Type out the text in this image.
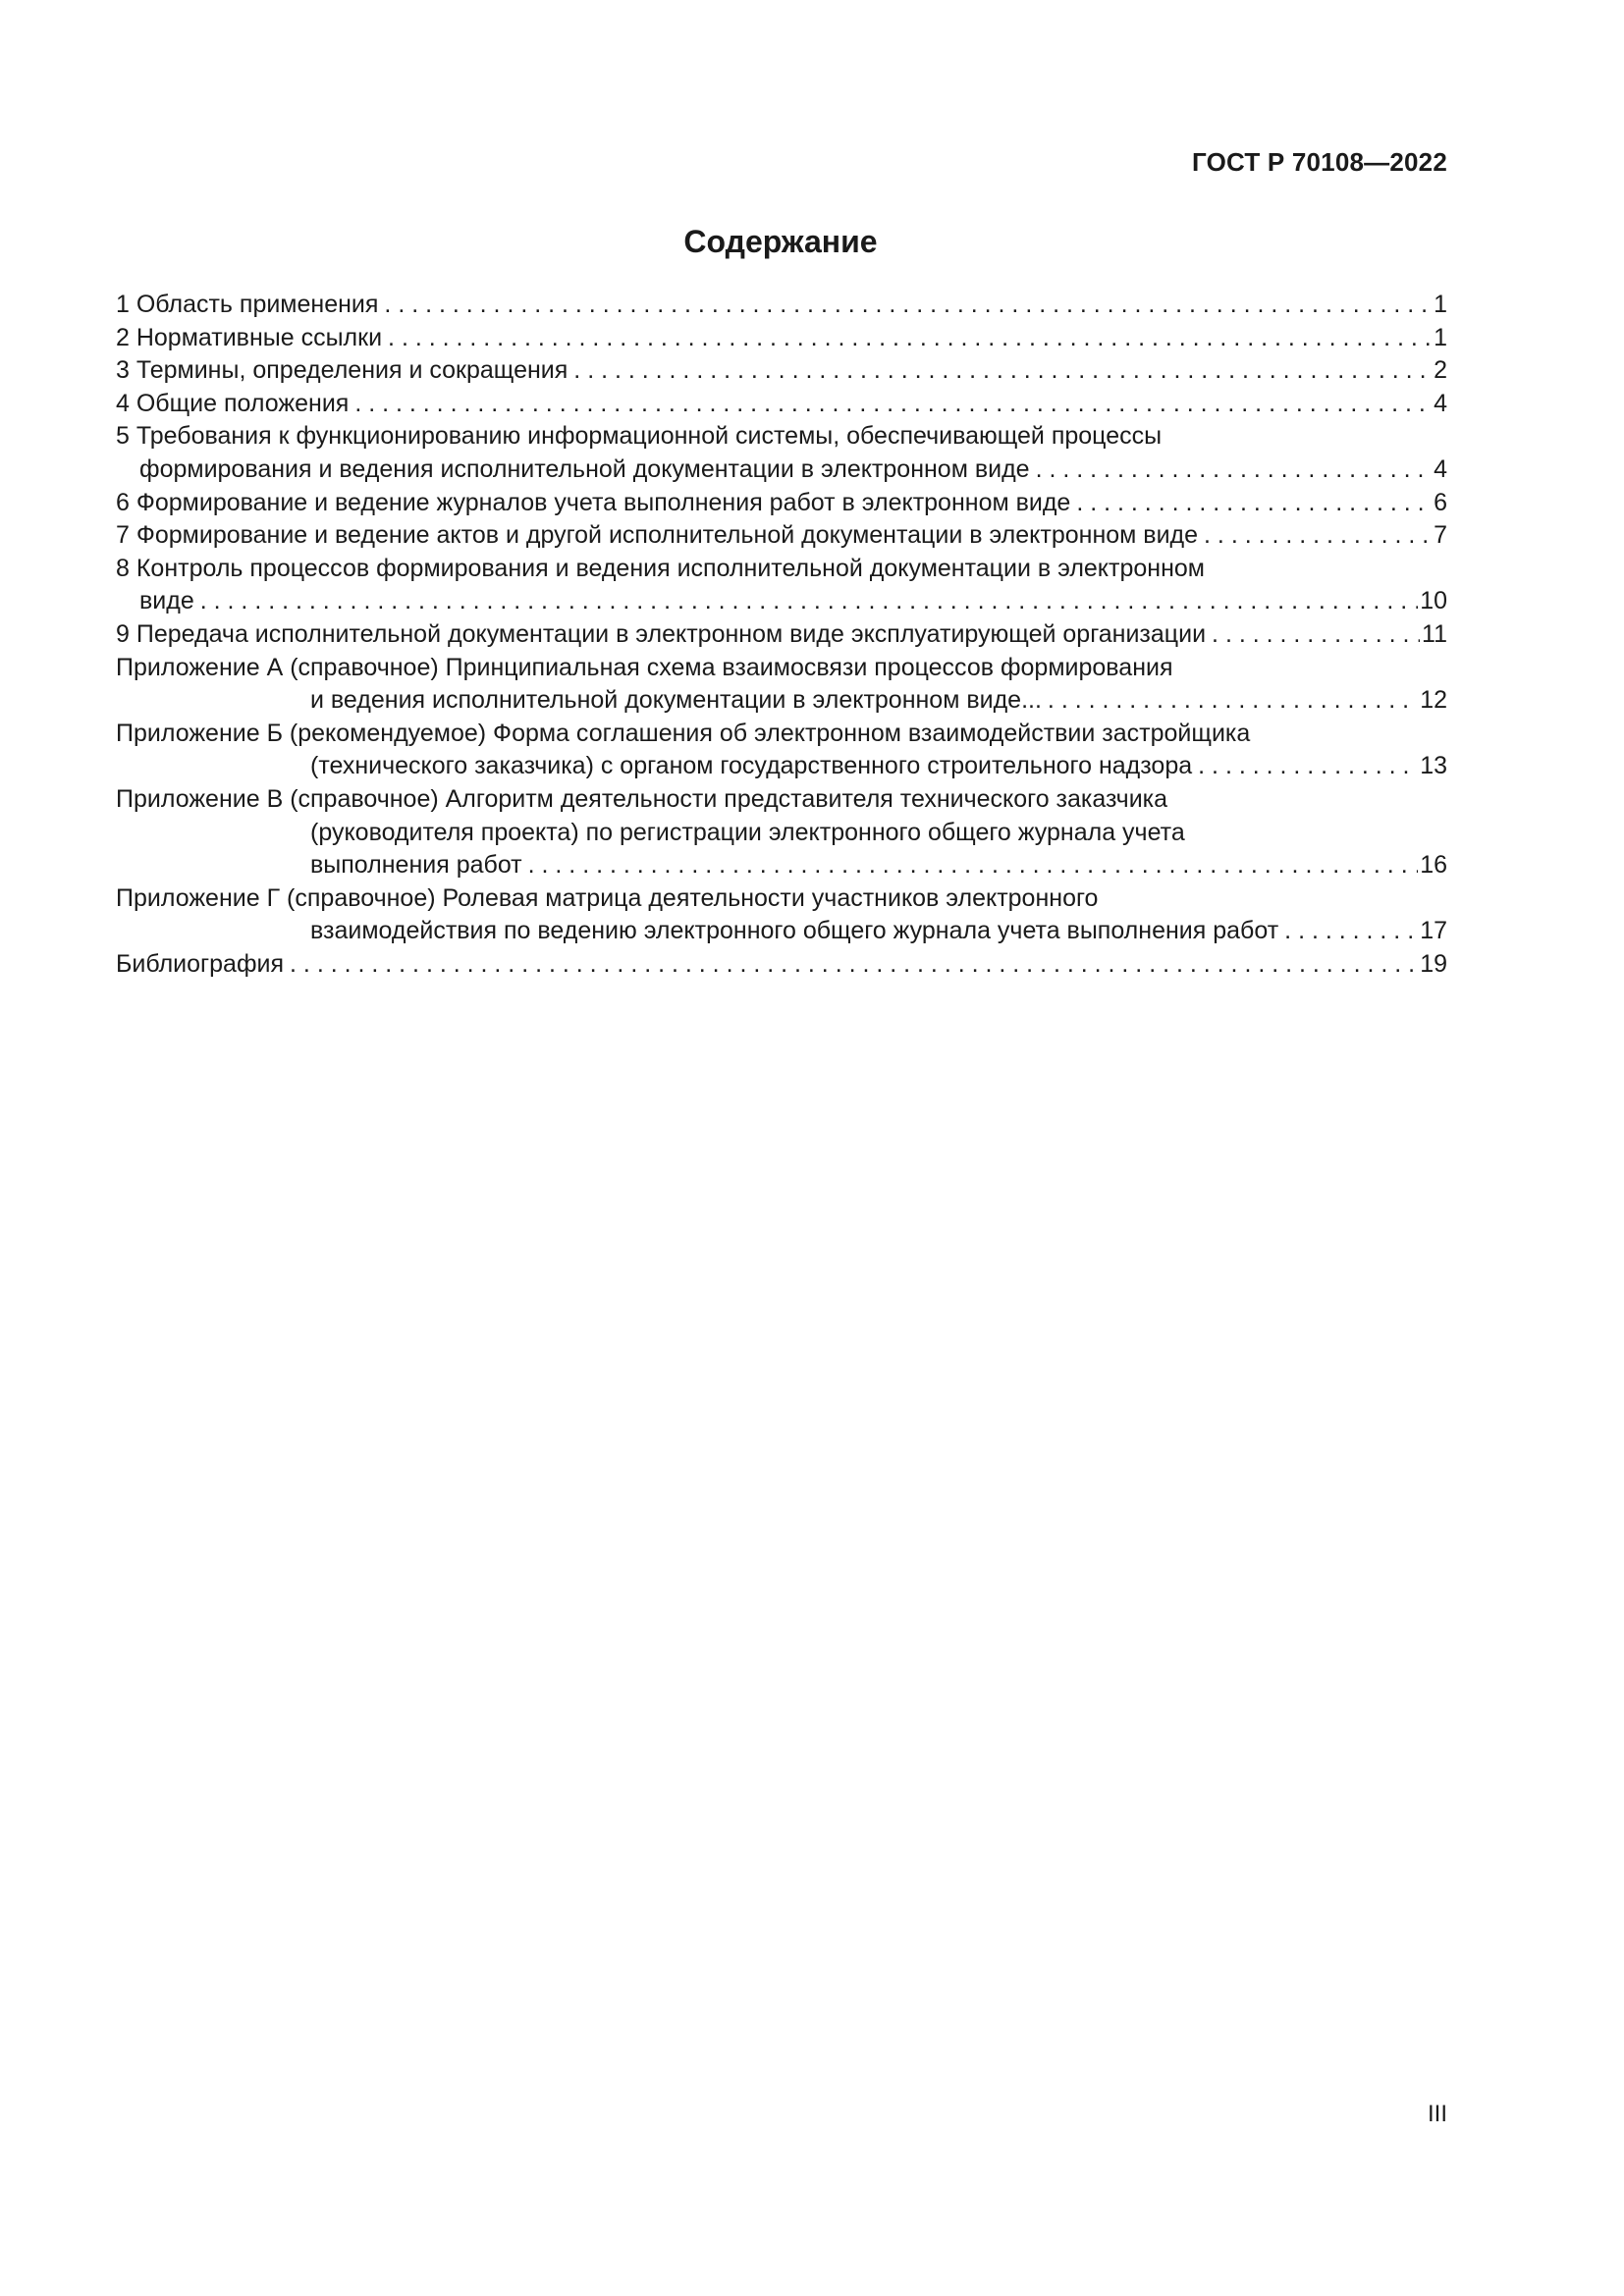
ГОСТ Р 70108—2022
Содержание
1 Область применения . . .	1
2 Нормативные ссылки . . .	1
3 Термины, определения и сокращения . . .	2
4 Общие положения . . .	4
5 Требования к функционированию информационной системы, обеспечивающей процессы
формирования и ведения исполнительной документации в электронном виде . . .	4
6 Формирование и ведение журналов учета выполнения работ в электронном виде . . .	6
7 Формирование и ведение актов и другой исполнительной документации в электронном виде . . .	7
8 Контроль процессов формирования и ведения исполнительной документации в электронном
виде . . .	10
9 Передача исполнительной документации в электронном виде эксплуатирующей организации . . .	11
Приложение А (справочное) Принципиальная схема взаимосвязи процессов формирования
и ведения исполнительной документации в электронном виде... . . .	12
Приложение Б (рекомендуемое) Форма соглашения об электронном взаимодействии застройщика
(технического заказчика) с органом государственного строительного надзора . . .	13
Приложение В (справочное) Алгоритм деятельности представителя технического заказчика
(руководителя проекта) по регистрации электронного общего журнала учета
выполнения работ . . .	16
Приложение Г (справочное) Ролевая матрица деятельности участников электронного
взаимодействия по ведению электронного общего журнала учета выполнения работ . . .	17
Библиография . . .	19
III
